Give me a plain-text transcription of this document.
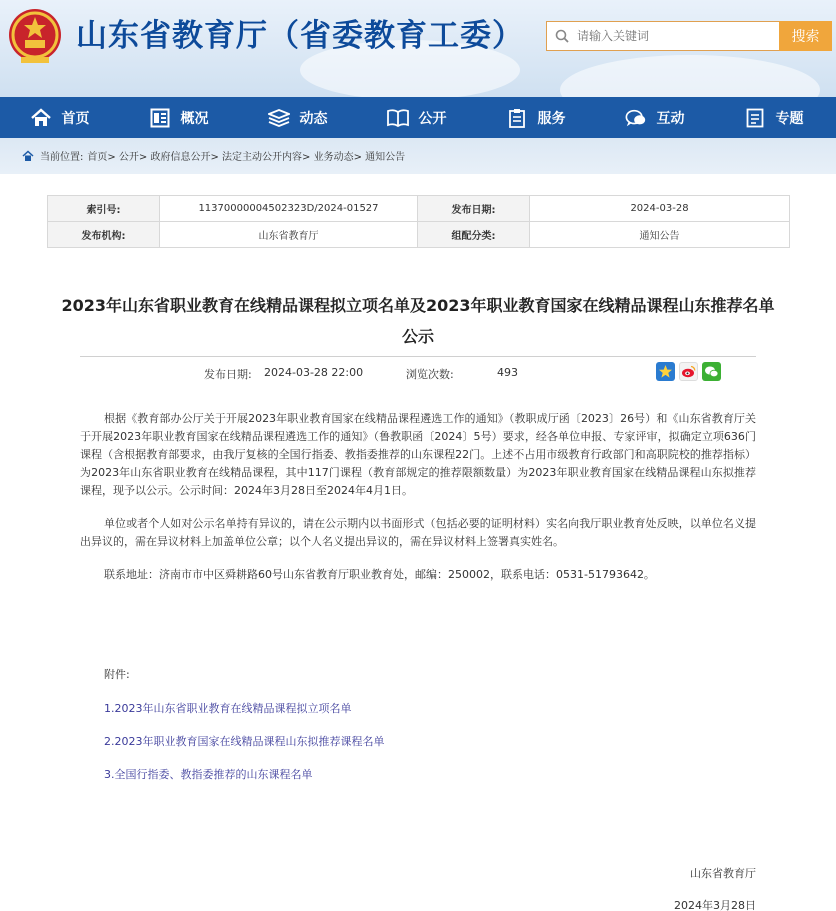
山东省教育厅（省委教育工委）
请输入关键词	搜索
首页	概况	动态	公开	服务	互动	专题
当前位置: 首页> 公开> 政府信息公开> 法定主动公开内容> 业务动态> 通知公告
索引号:	11370000004502323D/2024-01527	发布日期:	2024-03-28
发布机构:	山东省教育厅	组配分类:	通知公告
2023年山东省职业教育在线精品课程拟立项名单及2023年职业教育国家在线精品课程山东推荐名单公示
发布日期: 2024-03-28 22:00	浏览次数:	493
根据《教育部办公厅关于开展2023年职业教育国家在线精品课程遴选工作的通知》（教职成厅函〔2023〕26号）和《山东省教育厅关于开展2023年职业教育国家在线精品课程遴选工作的通知》（鲁教职函〔2024〕5号）要求，经各单位申报、专家评审，拟确定立项636门课程（含根据教育部要求，由我厅复核的全国行指委、教指委推荐的山东课程22门。上述不占用市级教育行政部门和高职院校的推荐指标）为2023年山东省职业教育在线精品课程，其中117门课程（教育部规定的推荐限额数量）为2023年职业教育国家在线精品课程山东拟推荐课程，现予以公示。公示时间：2024年3月28日至2024年4月1日。
单位或者个人如对公示名单持有异议的，请在公示期内以书面形式（包括必要的证明材料）实名向我厅职业教育处反映，以单位名义提出异议的，需在异议材料上加盖单位公章；以个人名义提出异议的，需在异议材料上签署真实姓名。
联系地址：济南市市中区舜耕路60号山东省教育厅职业教育处，邮编：250002，联系电话：0531-51793642。
附件:
1.2023年山东省职业教育在线精品课程拟立项名单
2.2023年职业教育国家在线精品课程山东拟推荐课程名单
3.全国行指委、教指委推荐的山东课程名单
山东省教育厅
2024年3月28日
